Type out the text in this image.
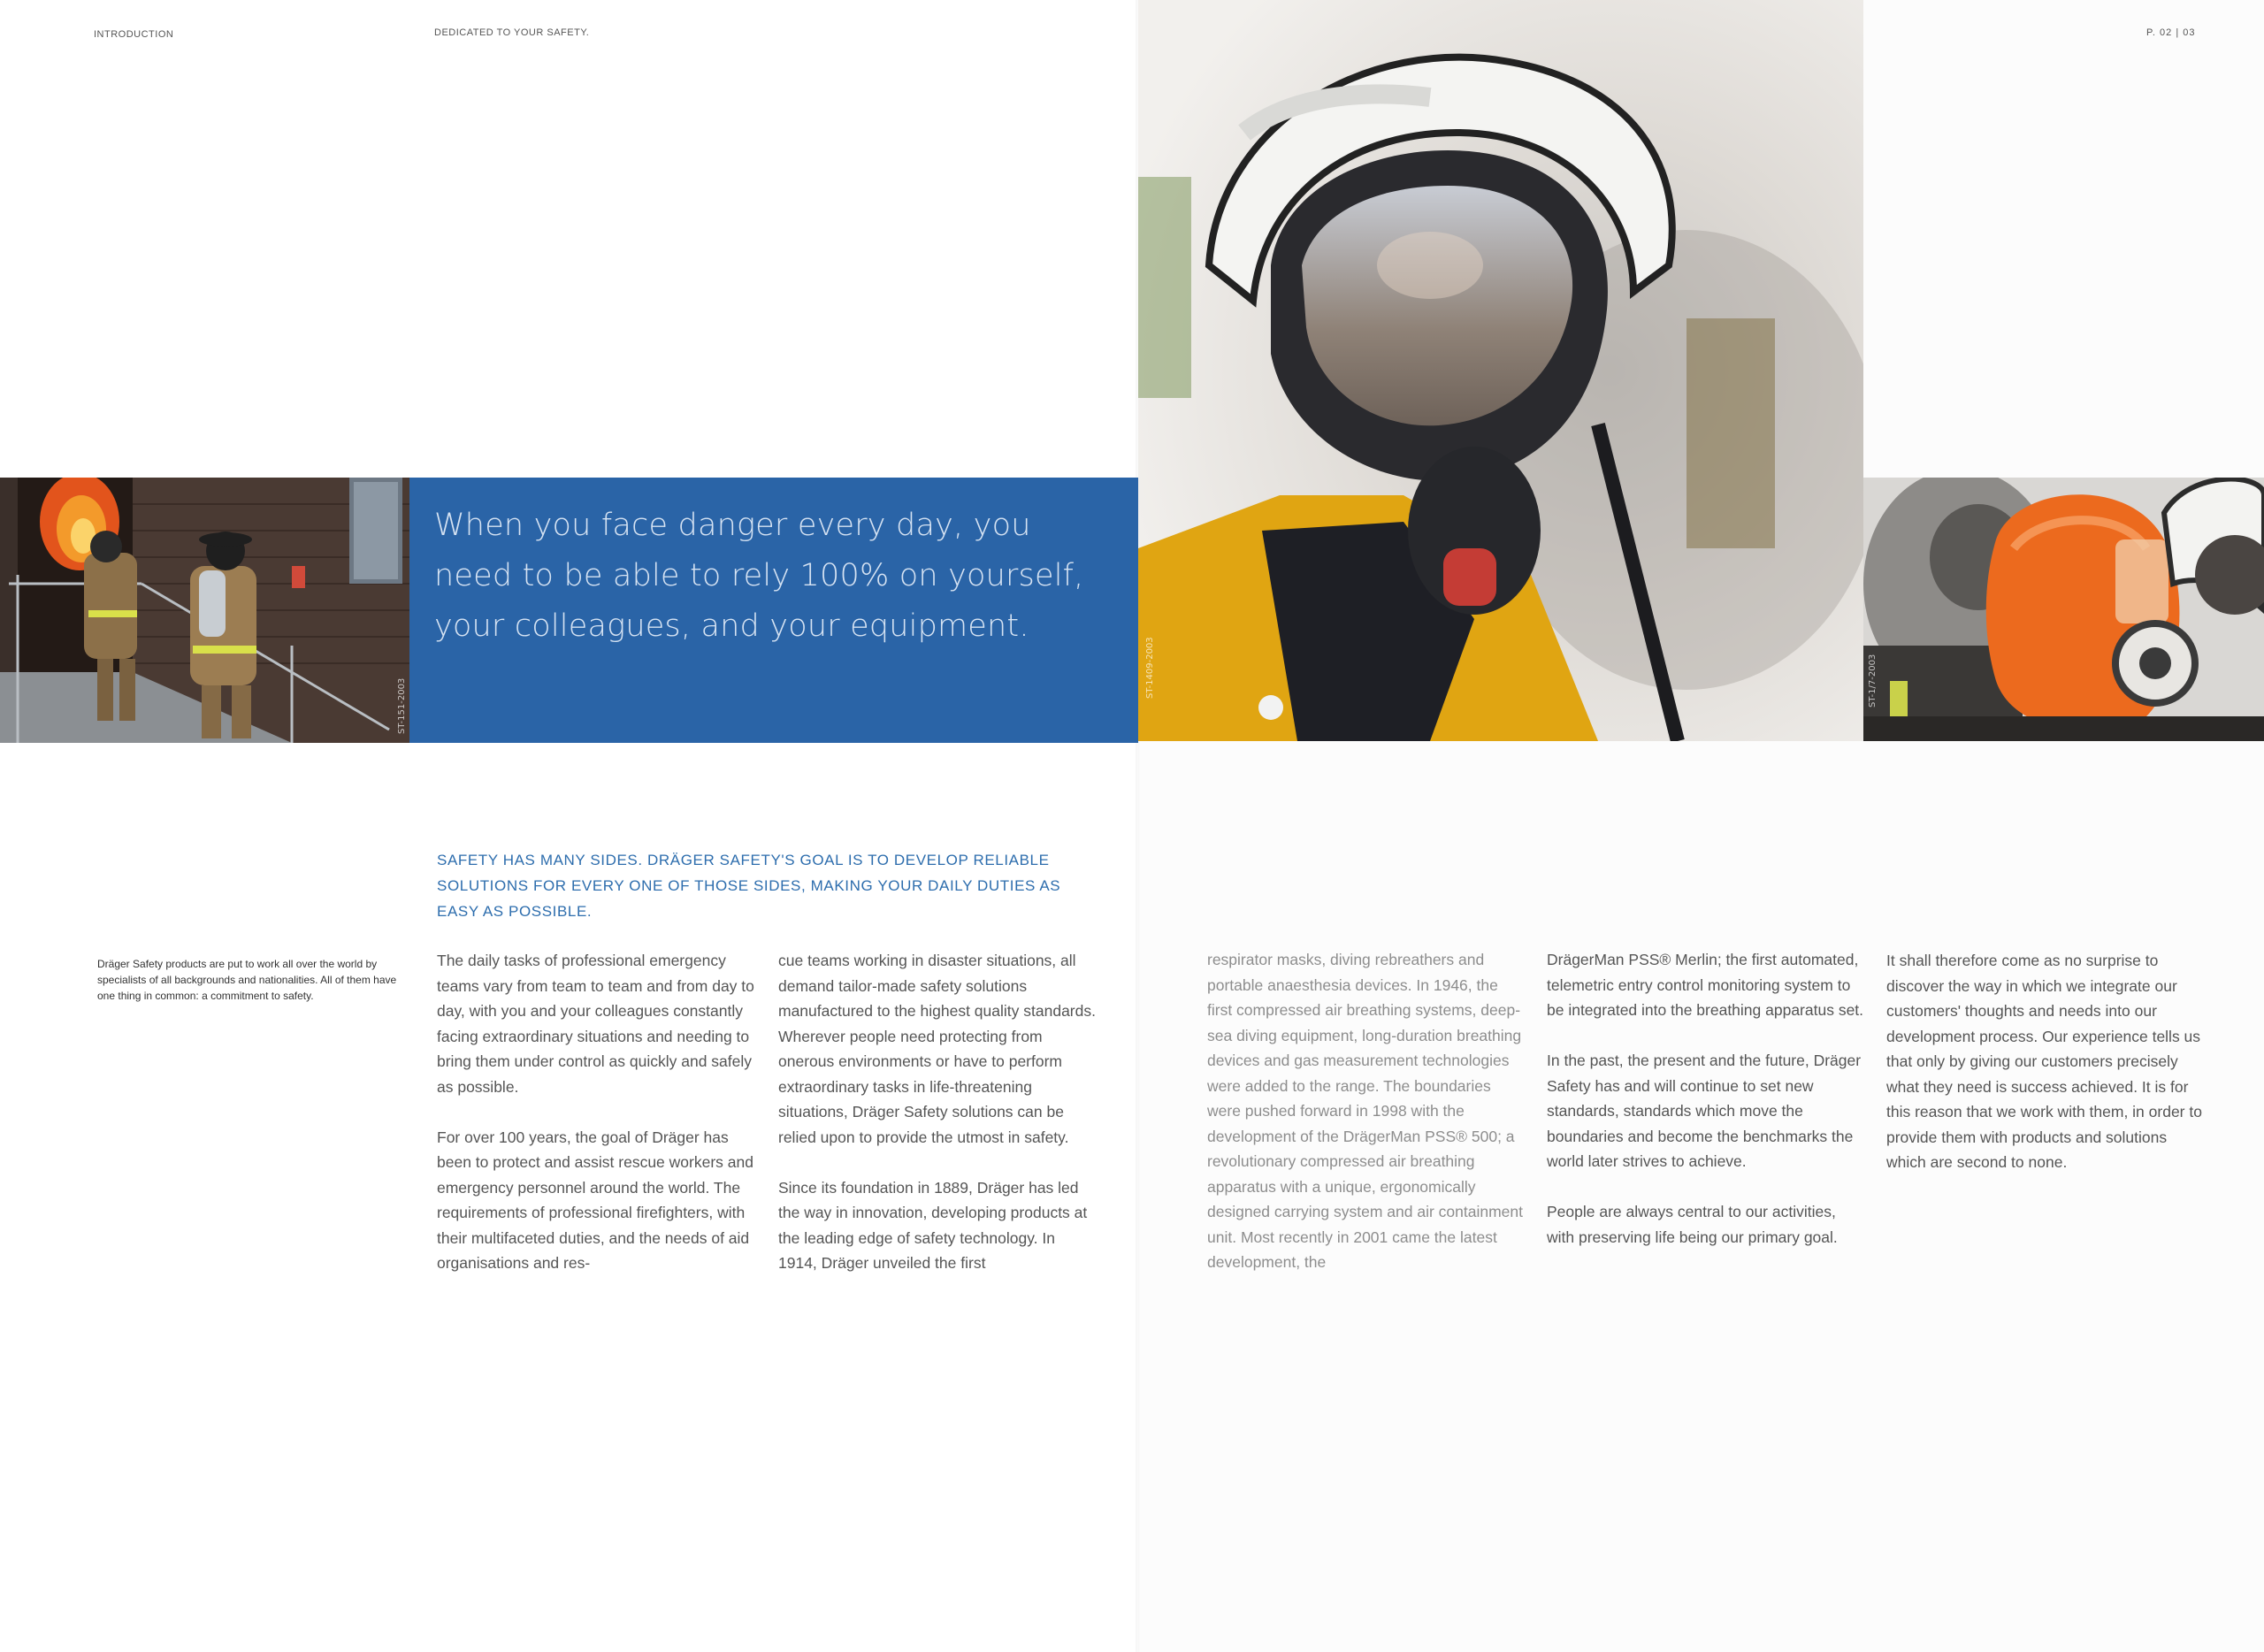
INTRODUCTION	DEDICATED TO YOUR SAFETY.	P. 02 | 03
ST-151-2003
When you face danger every day, you need to be able to rely 100% on yourself, your colleagues, and your equipment.
ST-1409-2003	ST-1/7-2003
SAFETY HAS MANY SIDES. DRÄGER SAFETY'S GOAL IS TO DEVELOP RELIABLE SOLUTIONS FOR EVERY ONE OF THOSE SIDES, MAKING YOUR DAILY DUTIES AS EASY AS POSSIBLE.
Dräger Safety products are put to work all over the world by specialists of all backgrounds and nationalities. All of them have one thing in common: a commitment to safety.

The daily tasks of professional emergency teams vary from team to team and from day to day, with you and your colleagues constantly facing extraordinary situations and needing to bring them under control as quickly and safely as possible.

For over 100 years, the goal of Dräger has been to protect and assist rescue workers and emergency personnel around the world. The requirements of professional firefighters, with their multifaceted duties, and the needs of aid organisations and res-

cue teams working in disaster situations, all demand tailor-made safety solutions manufactured to the highest quality standards. Wherever people need protecting from onerous environments or have to perform extraordinary tasks in life-threatening situations, Dräger Safety solutions can be relied upon to provide the utmost in safety.

Since its foundation in 1889, Dräger has led the way in innovation, developing products at the leading edge of safety technology. In 1914, Dräger unveiled the first

respirator masks, diving rebreathers and portable anaesthesia devices. In 1946, the first compressed air breathing systems, deep-sea diving equipment, long-duration breathing devices and gas measurement technologies were added to the range. The boundaries were pushed forward in 1998 with the development of the DrägerMan PSS® 500; a revolutionary compressed air breathing apparatus with a unique, ergonomically designed carrying system and air containment unit. Most recently in 2001 came the latest development, the

DrägerMan PSS® Merlin; the first automated, telemetric entry control monitoring system to be integrated into the breathing apparatus set.

In the past, the present and the future, Dräger Safety has and will continue to set new standards, standards which move the boundaries and become the benchmarks the world later strives to achieve.

People are always central to our activities, with preserving life being our primary goal.

It shall therefore come as no surprise to discover the way in which we integrate our customers' thoughts and needs into our development process. Our experience tells us that only by giving our customers precisely what they need is success achieved. It is for this reason that we work with them, in order to provide them with products and solutions which are second to none.
